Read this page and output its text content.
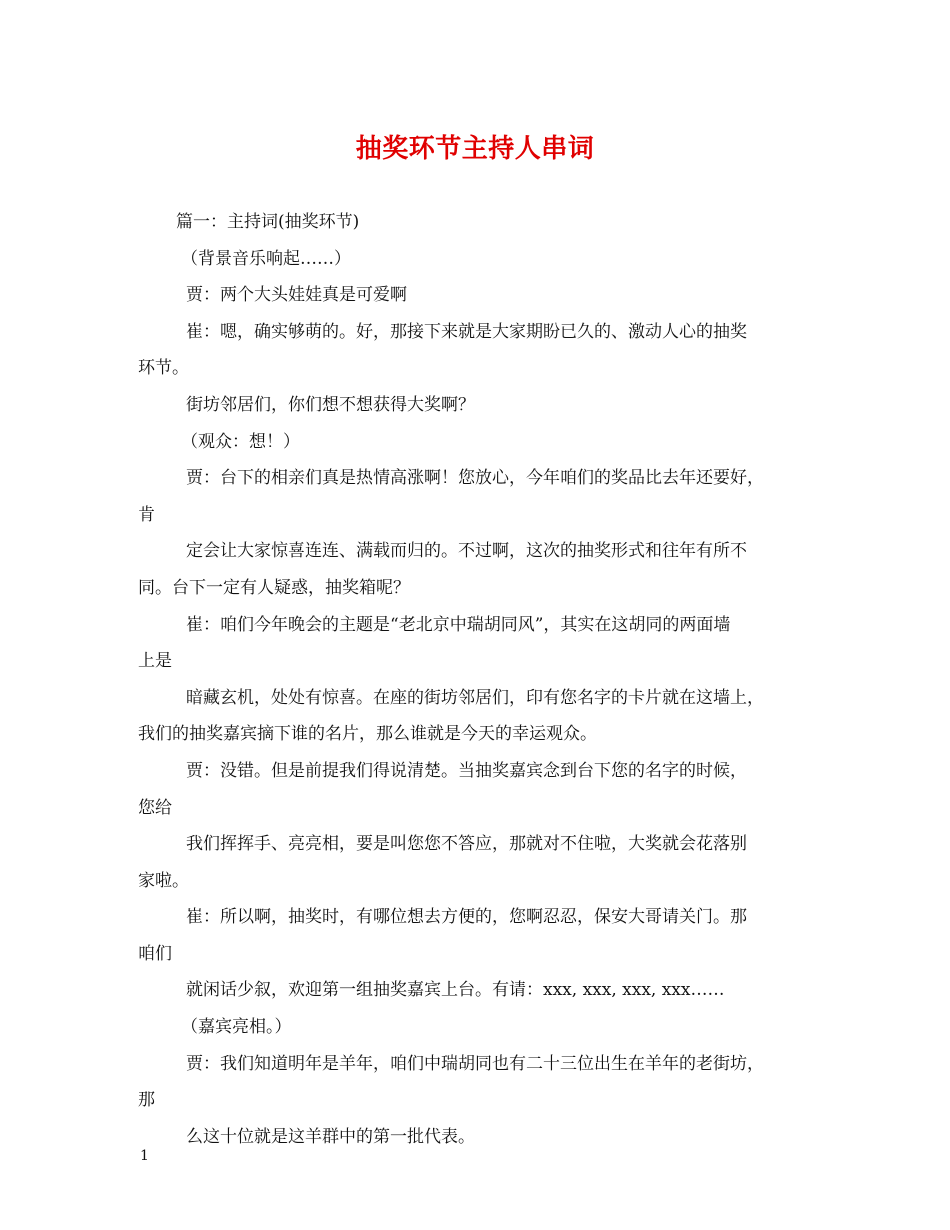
抽奖环节主持人串词
篇一：主持词(抽奖环节)
（背景音乐响起……）
贾：两个大头娃娃真是可爱啊
崔：嗯，确实够萌的。好，那接下来就是大家期盼已久的、激动人心的抽奖
环节。
街坊邻居们，你们想不想获得大奖啊？
（观众：想！）
贾：台下的相亲们真是热情高涨啊！您放心，今年咱们的奖品比去年还要好，
肯
定会让大家惊喜连连、满载而归的。不过啊，这次的抽奖形式和往年有所不
同。台下一定有人疑惑，抽奖箱呢？
崔：咱们今年晚会的主题是“老北京中瑞胡同风”，其实在这胡同的两面墙
上是
暗藏玄机，处处有惊喜。在座的街坊邻居们，印有您名字的卡片就在这墙上，
我们的抽奖嘉宾摘下谁的名片，那么谁就是今天的幸运观众。
贾：没错。但是前提我们得说清楚。当抽奖嘉宾念到台下您的名字的时候，
您给
我们挥挥手、亮亮相，要是叫您您不答应，那就对不住啦，大奖就会花落别
家啦。
崔：所以啊，抽奖时，有哪位想去方便的，您啊忍忍，保安大哥请关门。那
咱们
就闲话少叙，欢迎第一组抽奖嘉宾上台。有请：xxx, xxx, xxx, xxx……
（嘉宾亮相。）
贾：我们知道明年是羊年，咱们中瑞胡同也有二十三位出生在羊年的老街坊，
那
么这十位就是这羊群中的第一批代表。
1
